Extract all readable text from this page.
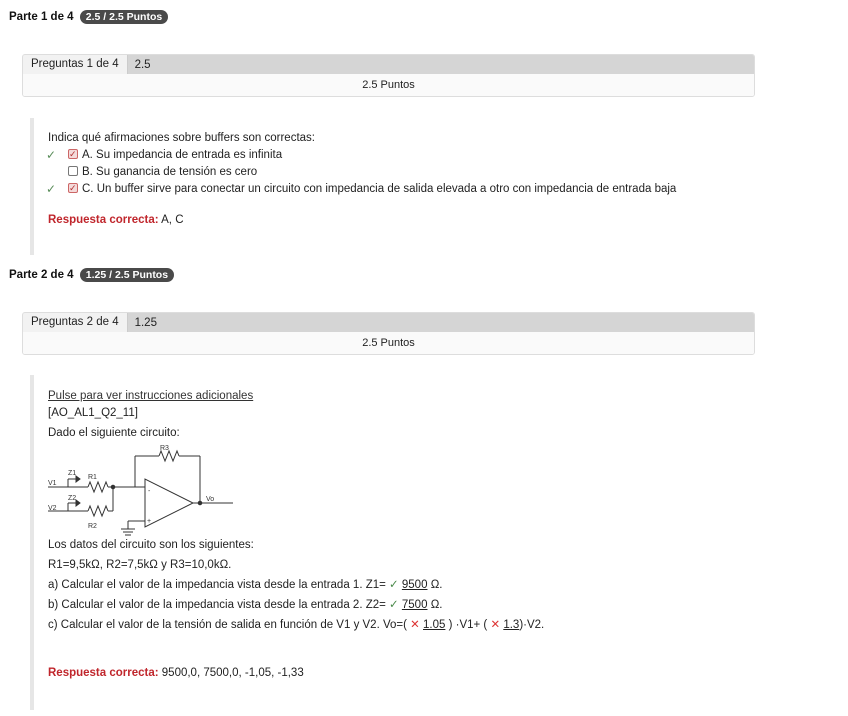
Parte 1 de 4 2.5 / 2.5 Puntos
Preguntas 1 de 4	2.5
2.5 Puntos
Indica qué afirmaciones sobre buffers son correctas:
✓ ✓ A. Su impedancia de entrada es infinita
B. Su ganancia de tensión es cero
✓ ✓ C. Un buffer sirve para conectar un circuito con impedancia de salida elevada a otro con impedancia de entrada baja
Respuesta correcta: A, C
Parte 2 de 4 1.25 / 2.5 Puntos
Preguntas 2 de 4	1.25
2.5 Puntos
Pulse para ver instrucciones adicionales
[AO_AL1_Q2_11]
Dado el siguiente circuito:
R3
Z1
R1
V1
Z2
V2
R2
Vo
-
+
Los datos del circuito son los siguientes:
R1=9,5kΩ, R2=7,5kΩ y R3=10,0kΩ.
a) Calcular el valor de la impedancia vista desde la entrada 1. Z1= ✓ 9500 Ω.
b) Calcular el valor de la impedancia vista desde la entrada 2. Z2= ✓ 7500 Ω.
c) Calcular el valor de la tensión de salida en función de V1 y V2. Vo=( ✕ 1.05 ) ·V1+ ( ✕ 1.3)·V2.
Respuesta correcta: 9500,0, 7500,0, -1,05, -1,33
